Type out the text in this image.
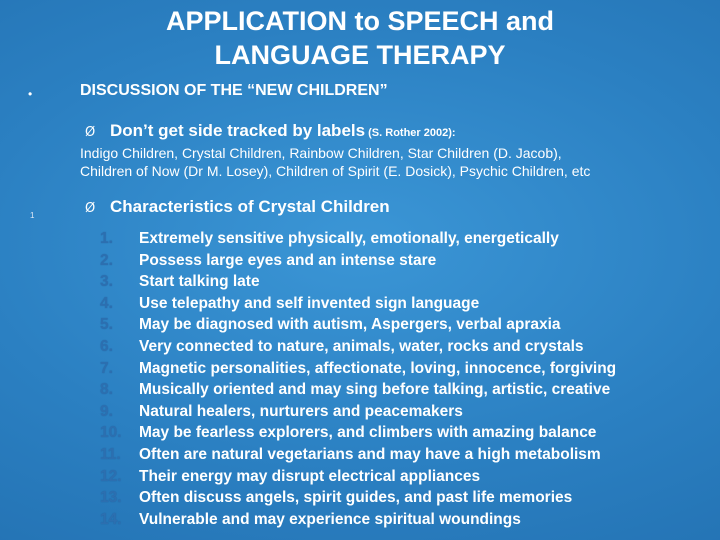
APPLICATION to SPEECH and
LANGUAGE THERAPY
•	DISCUSSION OF THE “NEW CHILDREN”
Ø Don’t get side tracked by labels (S. Rother 2002):
Indigo Children, Crystal Children, Rainbow Children, Star Children (D. Jacob),
Children of Now (Dr M. Losey), Children of Spirit (E. Dosick), Psychic Children, etc
1	Ø Characteristics of Crystal Children
1.	Extremely sensitive physically, emotionally, energetically
2.	Possess large eyes and an intense stare
3.	Start talking late
4.	Use telepathy and self invented sign language
5.	May be diagnosed with autism, Aspergers, verbal apraxia
6.	Very connected to nature, animals, water, rocks and crystals
7.	Magnetic personalities, affectionate, loving, innocence, forgiving
8.	Musically oriented and may sing before talking, artistic, creative
9.	Natural healers, nurturers and peacemakers
10.	May be fearless explorers, and climbers with amazing balance
11.	Often are natural vegetarians and may have a high metabolism
12.	Their energy may disrupt electrical appliances
13.	Often discuss angels, spirit guides, and past life memories
14.	Vulnerable and may experience spiritual woundings
